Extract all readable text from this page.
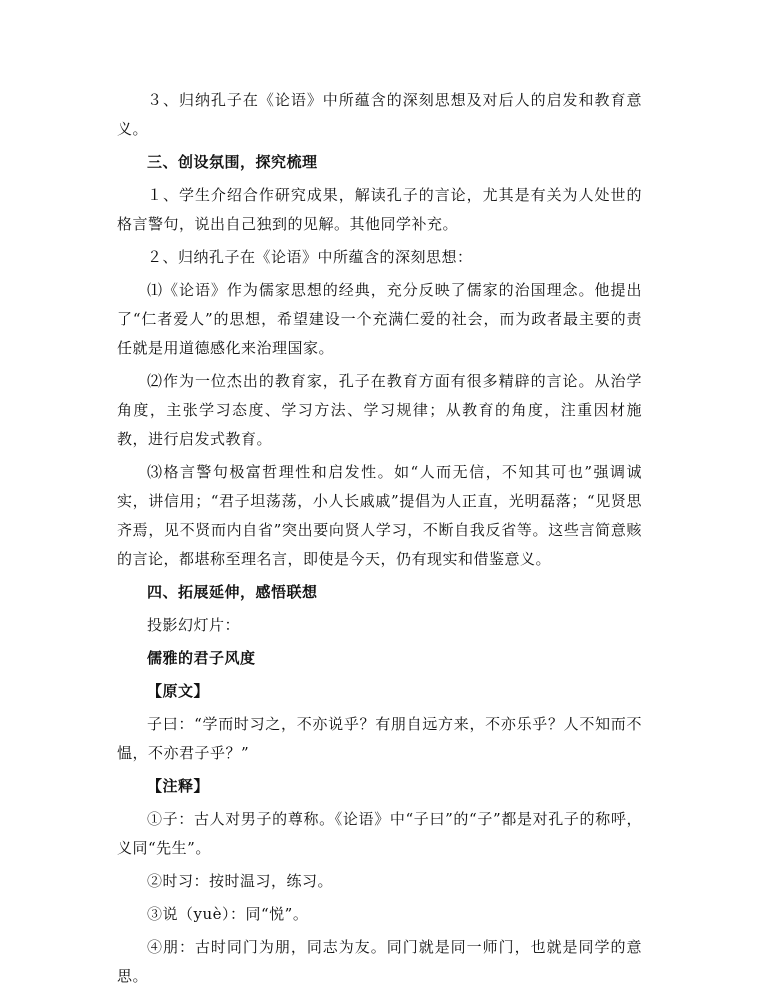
３、归纳孔子在《论语》中所蕴含的深刻思想及对后人的启发和教育意义。

三、创设氛围，探究梳理

１、学生介绍合作研究成果，解读孔子的言论，尤其是有关为人处世的格言警句，说出自己独到的见解。其他同学补充。

２、归纳孔子在《论语》中所蕴含的深刻思想：

⑴《论语》作为儒家思想的经典，充分反映了儒家的治国理念。他提出了“仁者爱人”的思想，希望建设一个充满仁爱的社会，而为政者最主要的责任就是用道德感化来治理国家。

⑵作为一位杰出的教育家，孔子在教育方面有很多精辟的言论。从治学角度，主张学习态度、学习方法、学习规律；从教育的角度，注重因材施教，进行启发式教育。

⑶格言警句极富哲理性和启发性。如“人而无信，不知其可也”强调诚实，讲信用；“君子坦荡荡，小人长戚戚”提倡为人正直，光明磊落；“见贤思齐焉，见不贤而内自省”突出要向贤人学习，不断自我反省等。这些言简意赅的言论，都堪称至理名言，即使是今天，仍有现实和借鉴意义。

四、拓展延伸，感悟联想

投影幻灯片：

儒雅的君子风度

【原文】

子曰：“学而时习之，不亦说乎？有朋自远方来，不亦乐乎？人不知而不愠，不亦君子乎？”

【注释】

①子：古人对男子的尊称。《论语》中“子曰”的“子”都是对孔子的称呼，义同“先生”。

②时习：按时温习，练习。

③说（yuè）：同“悦”。

④朋：古时同门为朋，同志为友。同门就是同一师门，也就是同学的意思。
